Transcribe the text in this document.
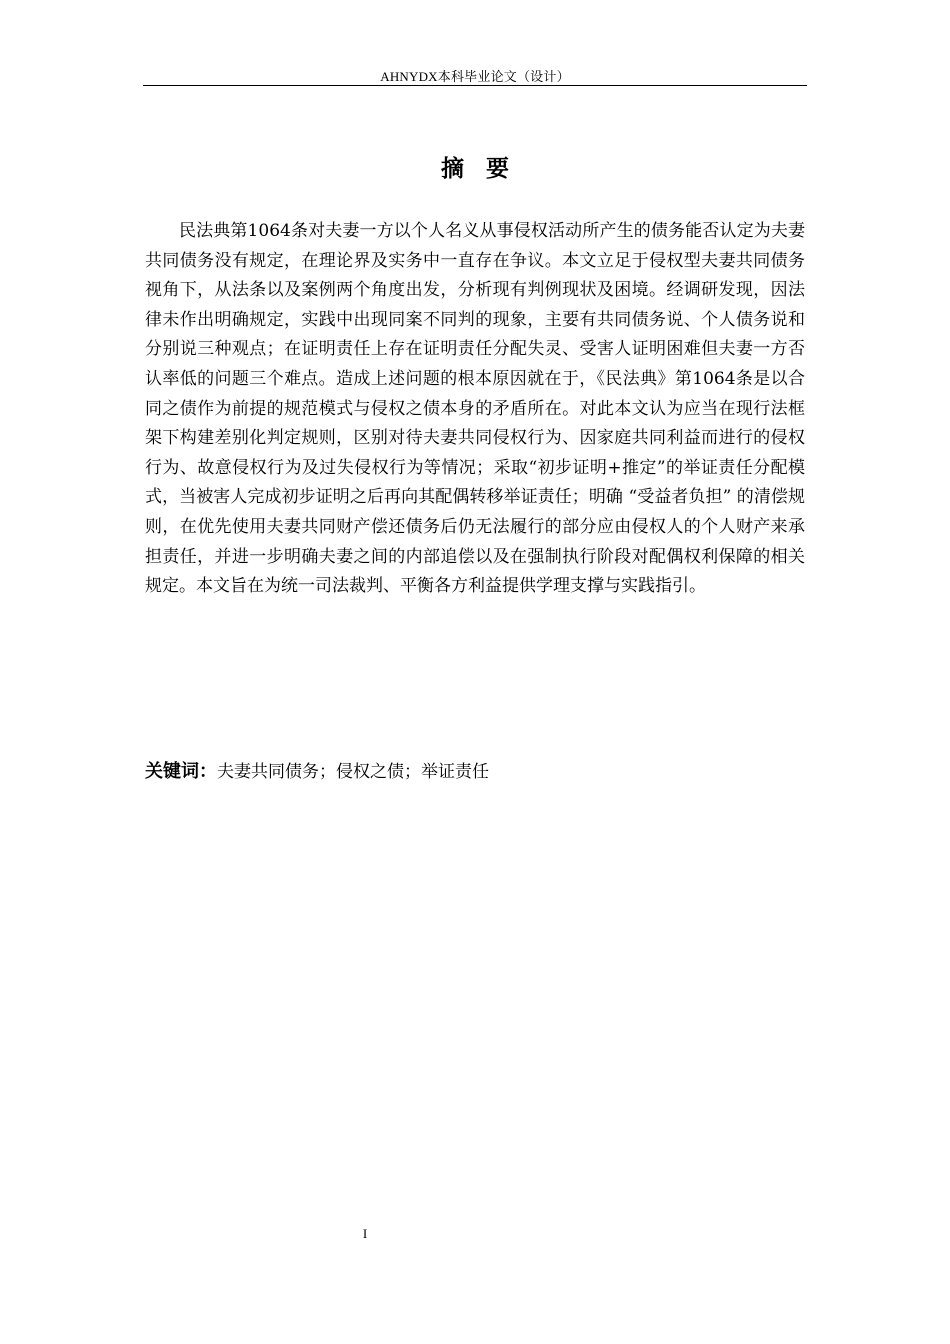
AHNYDX本科毕业论文（设计）
摘要

民法典第1064条对夫妻一方以个人名义从事侵权活动所产生的债务能否认定为夫妻共同债务没有规定，在理论界及实务中一直存在争议。本文立足于侵权型夫妻共同债务视角下，从法条以及案例两个角度出发，分析现有判例现状及困境。经调研发现，因法律未作出明确规定，实践中出现同案不同判的现象，主要有共同债务说、个人债务说和分别说三种观点；在证明责任上存在证明责任分配失灵、受害人证明困难但夫妻一方否认率低的问题三个难点。造成上述问题的根本原因就在于，《民法典》第1064条是以合同之债作为前提的规范模式与侵权之债本身的矛盾所在。对此本文认为应当在现行法框架下构建差别化判定规则，区别对待夫妻共同侵权行为、因家庭共同利益而进行的侵权行为、故意侵权行为及过失侵权行为等情况；采取“初步证明+推定”的举证责任分配模式，当被害人完成初步证明之后再向其配偶转移举证责任；明确 “受益者负担” 的清偿规则，在优先使用夫妻共同财产偿还债务后仍无法履行的部分应由侵权人的个人财产来承担责任，并进一步明确夫妻之间的内部追偿以及在强制执行阶段对配偶权利保障的相关规定。本文旨在为统一司法裁判、平衡各方利益提供学理支撑与实践指引。

关键词：夫妻共同债务；侵权之债；举证责任
I
